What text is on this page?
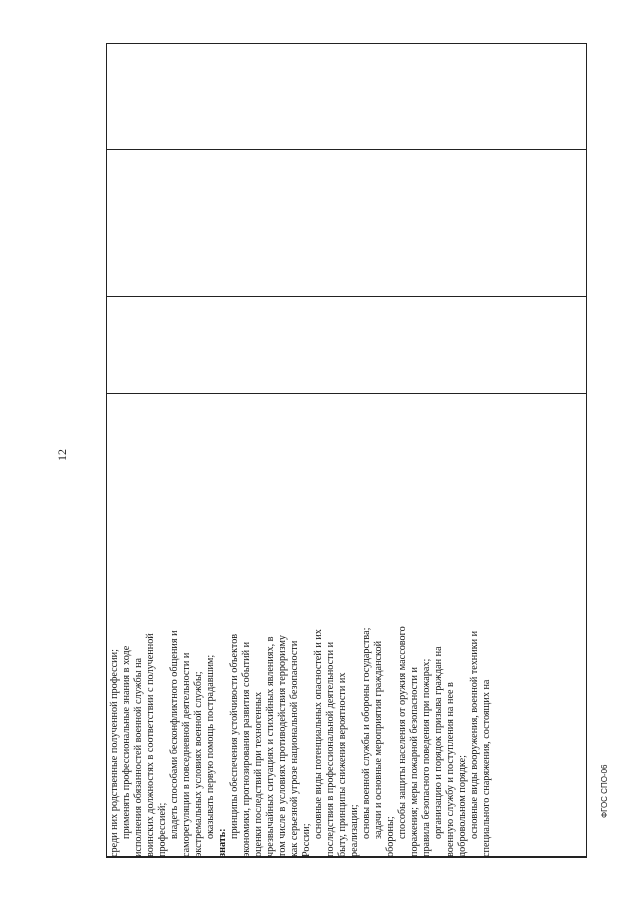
12
ФГОС СПО-06
среди них родственные полученной профессии; применять профессиональные знания в ходе исполнения обязанностей военной службы на воинских должностях в соответствии с полученной профессией; владеть способами бесконфликтного общения и саморегуляции в повседневной деятельности и экстремальных условиях военной службы; оказывать первую помощь пострадавшим;
знать:
принципы обеспечения устойчивости объектов экономики, прогнозирования развития событий и оценки последствий при техногенных чрезвычайных ситуациях и стихийных явлениях, в том числе в условиях противодействия терроризму как серьезной угрозе национальной безопасности России;
основные виды потенциальных опасностей и их последствия в профессиональной деятельности и быту, принципы снижения вероятности их реализации; основы военной службы и обороны государства; задачи и основные мероприятия гражданской обороны; способы защиты населения от оружия массового поражения; меры пожарной безопасности и правила безопасного поведения при пожарах; организацию и порядок призыва граждан на военную службу и поступления на нее в добровольном порядке; основные виды вооружения, военной техники и специального снаряжения, состоящих на
